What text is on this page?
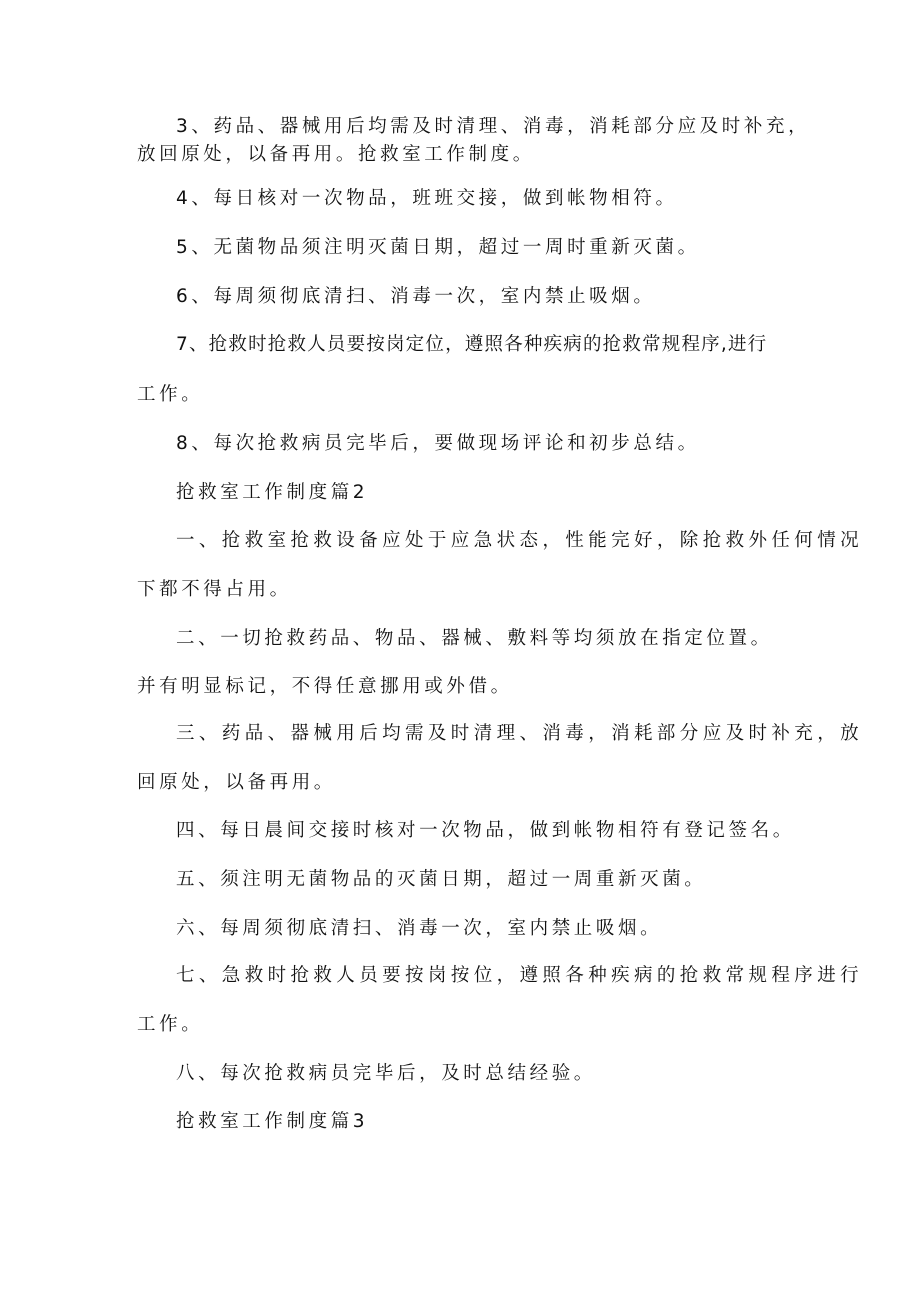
3、药品、器械用后均需及时清理、消毒，消耗部分应及时补充，
放回原处，以备再用。抢救室工作制度。
4、每日核对一次物品，班班交接，做到帐物相符。
5、无菌物品须注明灭菌日期，超过一周时重新灭菌。
6、每周须彻底清扫、消毒一次，室内禁止吸烟。
7、抢救时抢救人员要按岗定位，遵照各种疾病的抢救常规程序,进行
工作。
8、每次抢救病员完毕后，要做现场评论和初步总结。
抢救室工作制度篇2
一、抢救室抢救设备应处于应急状态，性能完好，除抢救外任何情况
下都不得占用。
二、一切抢救药品、物品、器械、敷料等均须放在指定位置。
并有明显标记，不得任意挪用或外借。
三、药品、器械用后均需及时清理、消毒，消耗部分应及时补充，放
回原处，以备再用。
四、每日晨间交接时核对一次物品，做到帐物相符有登记签名。
五、须注明无菌物品的灭菌日期，超过一周重新灭菌。
六、每周须彻底清扫、消毒一次，室内禁止吸烟。
七、急救时抢救人员要按岗按位，遵照各种疾病的抢救常规程序进行
工作。
八、每次抢救病员完毕后，及时总结经验。
抢救室工作制度篇3
